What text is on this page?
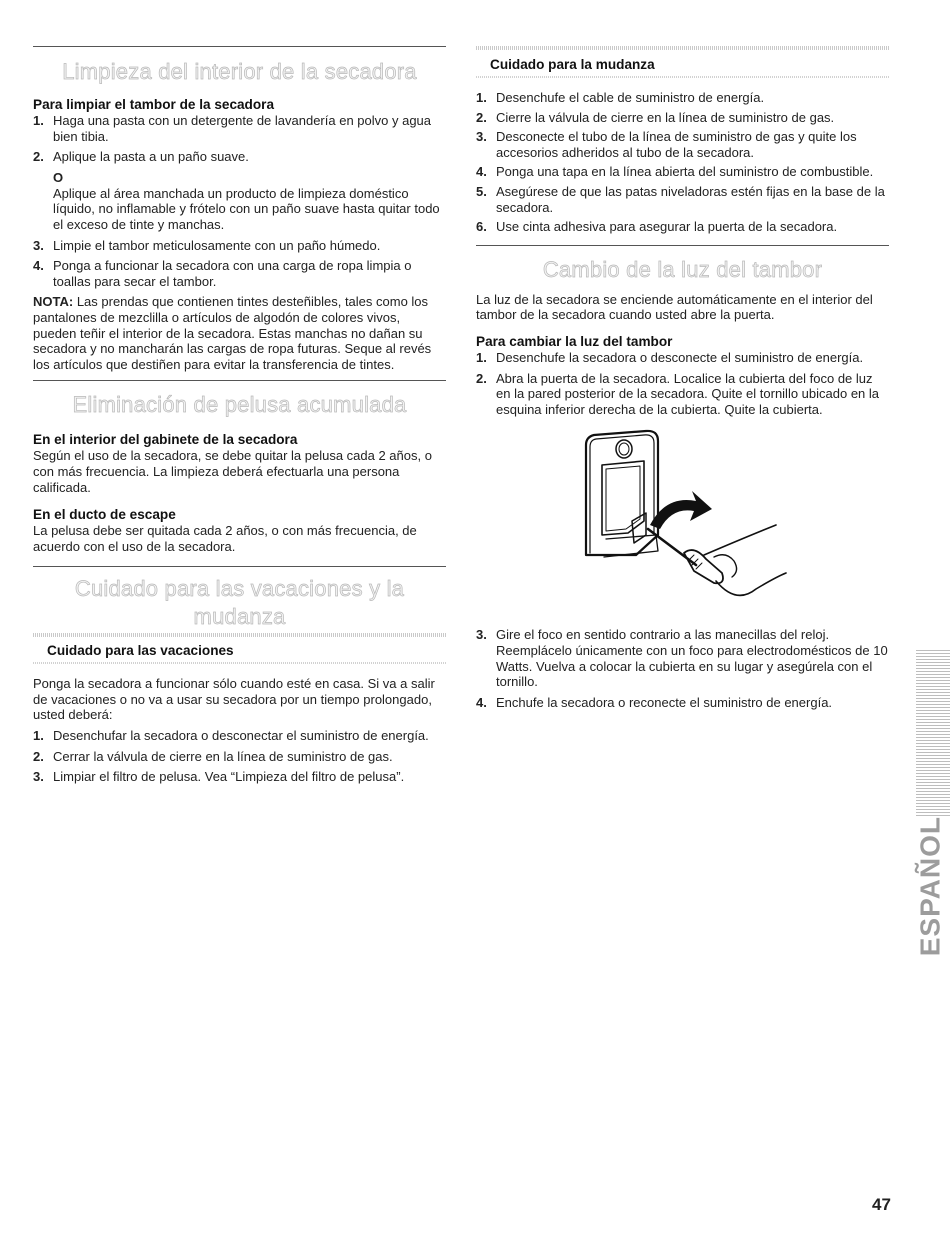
Limpieza del interior de la secadora
Para limpiar el tambor de la secadora
1. Haga una pasta con un detergente de lavandería en polvo y agua bien tibia.
2. Aplique la pasta a un paño suave.
O
Aplique al área manchada un producto de limpieza doméstico líquido, no inflamable y frótelo con un paño suave hasta quitar todo el exceso de tinte y manchas.
3. Limpie el tambor meticulosamente con un paño húmedo.
4. Ponga a funcionar la secadora con una carga de ropa limpia o toallas para secar el tambor.

NOTA: Las prendas que contienen tintes desteñibles, tales como los pantalones de mezclilla o artículos de algodón de colores vivos, pueden teñir el interior de la secadora. Estas manchas no dañan su secadora y no mancharán las cargas de ropa futuras. Seque al revés los artículos que destiñen para evitar la transferencia de tintes.

Eliminación de pelusa acumulada
En el interior del gabinete de la secadora

Según el uso de la secadora, se debe quitar la pelusa cada 2 años, o con más frecuencia. La limpieza deberá efectuarla una persona calificada.

En el ducto de escape

La pelusa debe ser quitada cada 2 años, o con más frecuencia, de acuerdo con el uso de la secadora.

Cuidado para las vacaciones y la mudanza
Cuidado para las vacaciones

Ponga la secadora a funcionar sólo cuando esté en casa. Si va a salir de vacaciones o no va a usar su secadora por un tiempo prolongado, usted deberá:

1. Desenchufar la secadora o desconectar el suministro de energía.
2. Cerrar la válvula de cierre en la línea de suministro de gas.
3. Limpiar el filtro de pelusa. Vea “Limpieza del filtro de pelusa”.
Cuidado para la mudanza
1. Desenchufe el cable de suministro de energía.
2. Cierre la válvula de cierre en la línea de suministro de gas.
3. Desconecte el tubo de la línea de suministro de gas y quite los accesorios adheridos al tubo de la secadora.
4. Ponga una tapa en la línea abierta del suministro de combustible.
5. Asegúrese de que las patas niveladoras estén fijas en la base de la secadora.
6. Use cinta adhesiva para asegurar la puerta de la secadora.
Cambio de la luz del tambor

La luz de la secadora se enciende automáticamente en el interior del tambor de la secadora cuando usted abre la puerta.

Para cambiar la luz del tambor
1. Desenchufe la secadora o desconecte el suministro de energía.
2. Abra la puerta de la secadora. Localice la cubierta del foco de luz en la pared posterior de la secadora. Quite el tornillo ubicado en la esquina inferior derecha de la cubierta. Quite la cubierta.
3. Gire el foco en sentido contrario a las manecillas del reloj. Reemplácelo únicamente con un foco para electrodomésticos de 10 Watts. Vuelva a colocar la cubierta en su lugar y asegúrela con el tornillo.
4. Enchufe la secadora o reconecte el suministro de energía.
ESPAÑOL
47
